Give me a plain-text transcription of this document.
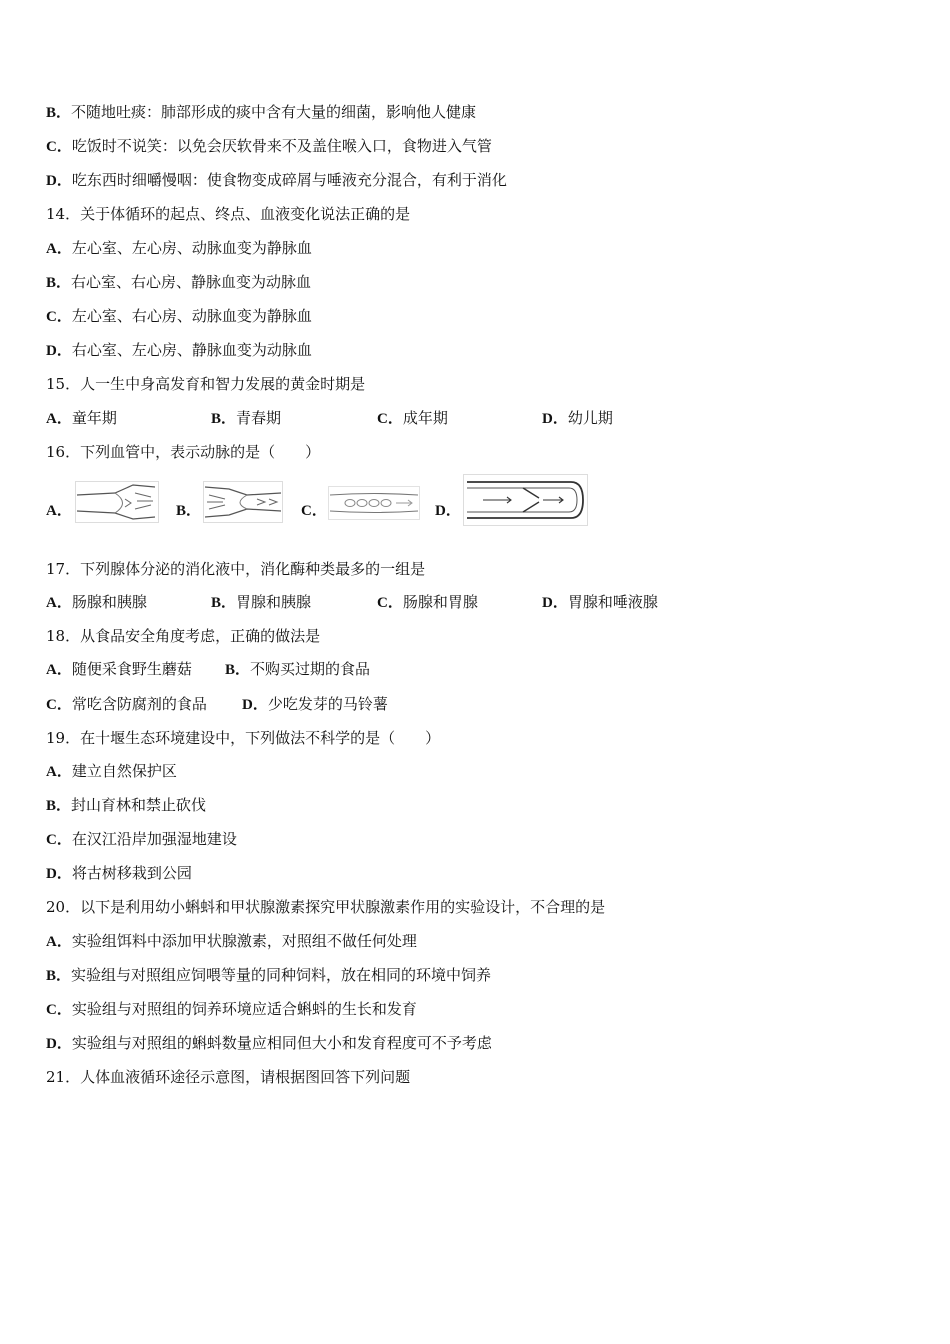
B．不随地吐痰：肺部形成的痰中含有大量的细菌，影响他人健康
C．吃饭时不说笑：以免会厌软骨来不及盖住喉入口，食物进入气管
D．吃东西时细嚼慢咽：使食物变成碎屑与唾液充分混合，有利于消化
14．关于体循环的起点、终点、血液变化说法正确的是
A．左心室、左心房、动脉血变为静脉血
B．右心室、右心房、静脉血变为动脉血
C．左心室、右心房、动脉血变为静脉血
D．右心室、左心房、静脉血变为动脉血
15．人一生中身高发育和智力发展的黄金时期是
A．童年期	B．青春期	C．成年期	D．幼儿期
16．下列血管中，表示动脉的是（　　）
A．	B．	C．	D．
17．下列腺体分泌的消化液中，消化酶种类最多的一组是
A．肠腺和胰腺	B．胃腺和胰腺	C．肠腺和胃腺	D．胃腺和唾液腺
18．从食品安全角度考虑，正确的做法是
A．随便采食野生蘑菇 B．不购买过期的食品
C．常吃含防腐剂的食品 D．少吃发芽的马铃薯
19．在十堰生态环境建设中，下列做法不科学的是（　　）
A．建立自然保护区
B．封山育林和禁止砍伐
C．在汉江沿岸加强湿地建设
D．将古树移栽到公园
20．以下是利用幼小蝌蚪和甲状腺激素探究甲状腺激素作用的实验设计，不合理的是
A．实验组饵料中添加甲状腺激素，对照组不做任何处理
B．实验组与对照组应饲喂等量的同种饲料，放在相同的环境中饲养
C．实验组与对照组的饲养环境应适合蝌蚪的生长和发育
D．实验组与对照组的蝌蚪数量应相同但大小和发育程度可不予考虑
21．人体血液循环途径示意图，请根据图回答下列问题
